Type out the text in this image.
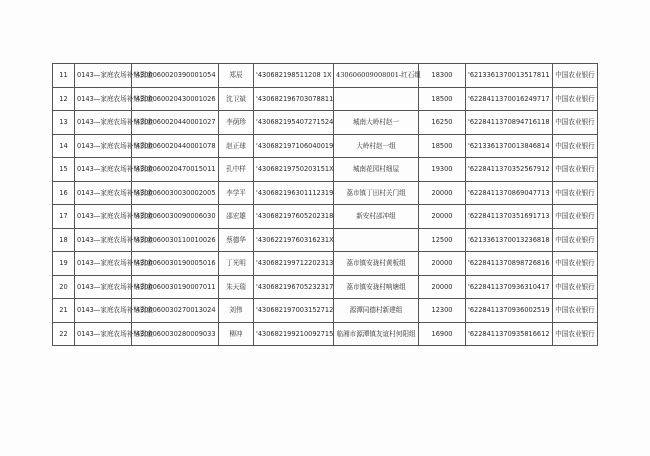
11	0143—家庭农场补贴资金	'4306060020390001054	郑辰	'430682198511208 1X	430606009008001-红石组	18300	'6213361370013517811	中国农业银行
12	0143—家庭农场补贴资金	'4306060020430001026	沈卫斌	'430682196703078811		18500	'6228411370016249717	中国农业银行
13	0143—家庭农场补贴资金	'4306060020440001027	李荫珍	'430682195407271524	城南大岭村赵一	16250	'6228411370894716118	中国农业银行
14	0143—家庭农场补贴资金	'4306060020440001078	赵正球	'430682197106040019	大岭村赵一组	18500	'6213361370013846814	中国农业银行
15	0143—家庭农场补贴资金	'4306060020470015011	孔中样	'43068219750203151X	城南花园村细屋	19300	'6228411370352567912	中国农业银行
16	0143—家庭农场补贴资金	'4306060030030002005	李学平	'430682196301112319	荔市镇丁田村关门组	20000	'6228411370869047713	中国农业银行
17	0143—家庭农场补贴资金	'4306060030090006030	邵宏雄	'430682197605202318	新安村邵冲组	20000	'6228411370351691713	中国农业银行
18	0143—家庭农场补贴资金	'4306060030110010026	蔡德华	'43062219760316231X		12500	'6213361370013236818	中国农业银行
19	0143—家庭农场补贴资金	'4306060030190005016	丁光明	'430682199712202313	荔市镇安珑村黄板组	20000	'6228411370898726816	中国农业银行
20	0143—家庭农场补贴资金	'4306060030190007011	朱天瑞	'430682196705232317	荔市镇安珑村响塘组	20000	'6228411370936310417	中国农业银行
21	0143—家庭农场补贴资金	'4306060030270013024	刘伟	'430682197003152712	源潭同德村新建组	12300	'6228411370936002519	中国农业银行
22	0143—家庭农场补贴资金	'4306060030280009033	柳冲	'430682199210092715	临湘市源潭镇友谊村何阳组	16900	'6228411370935816612	中国农业银行
